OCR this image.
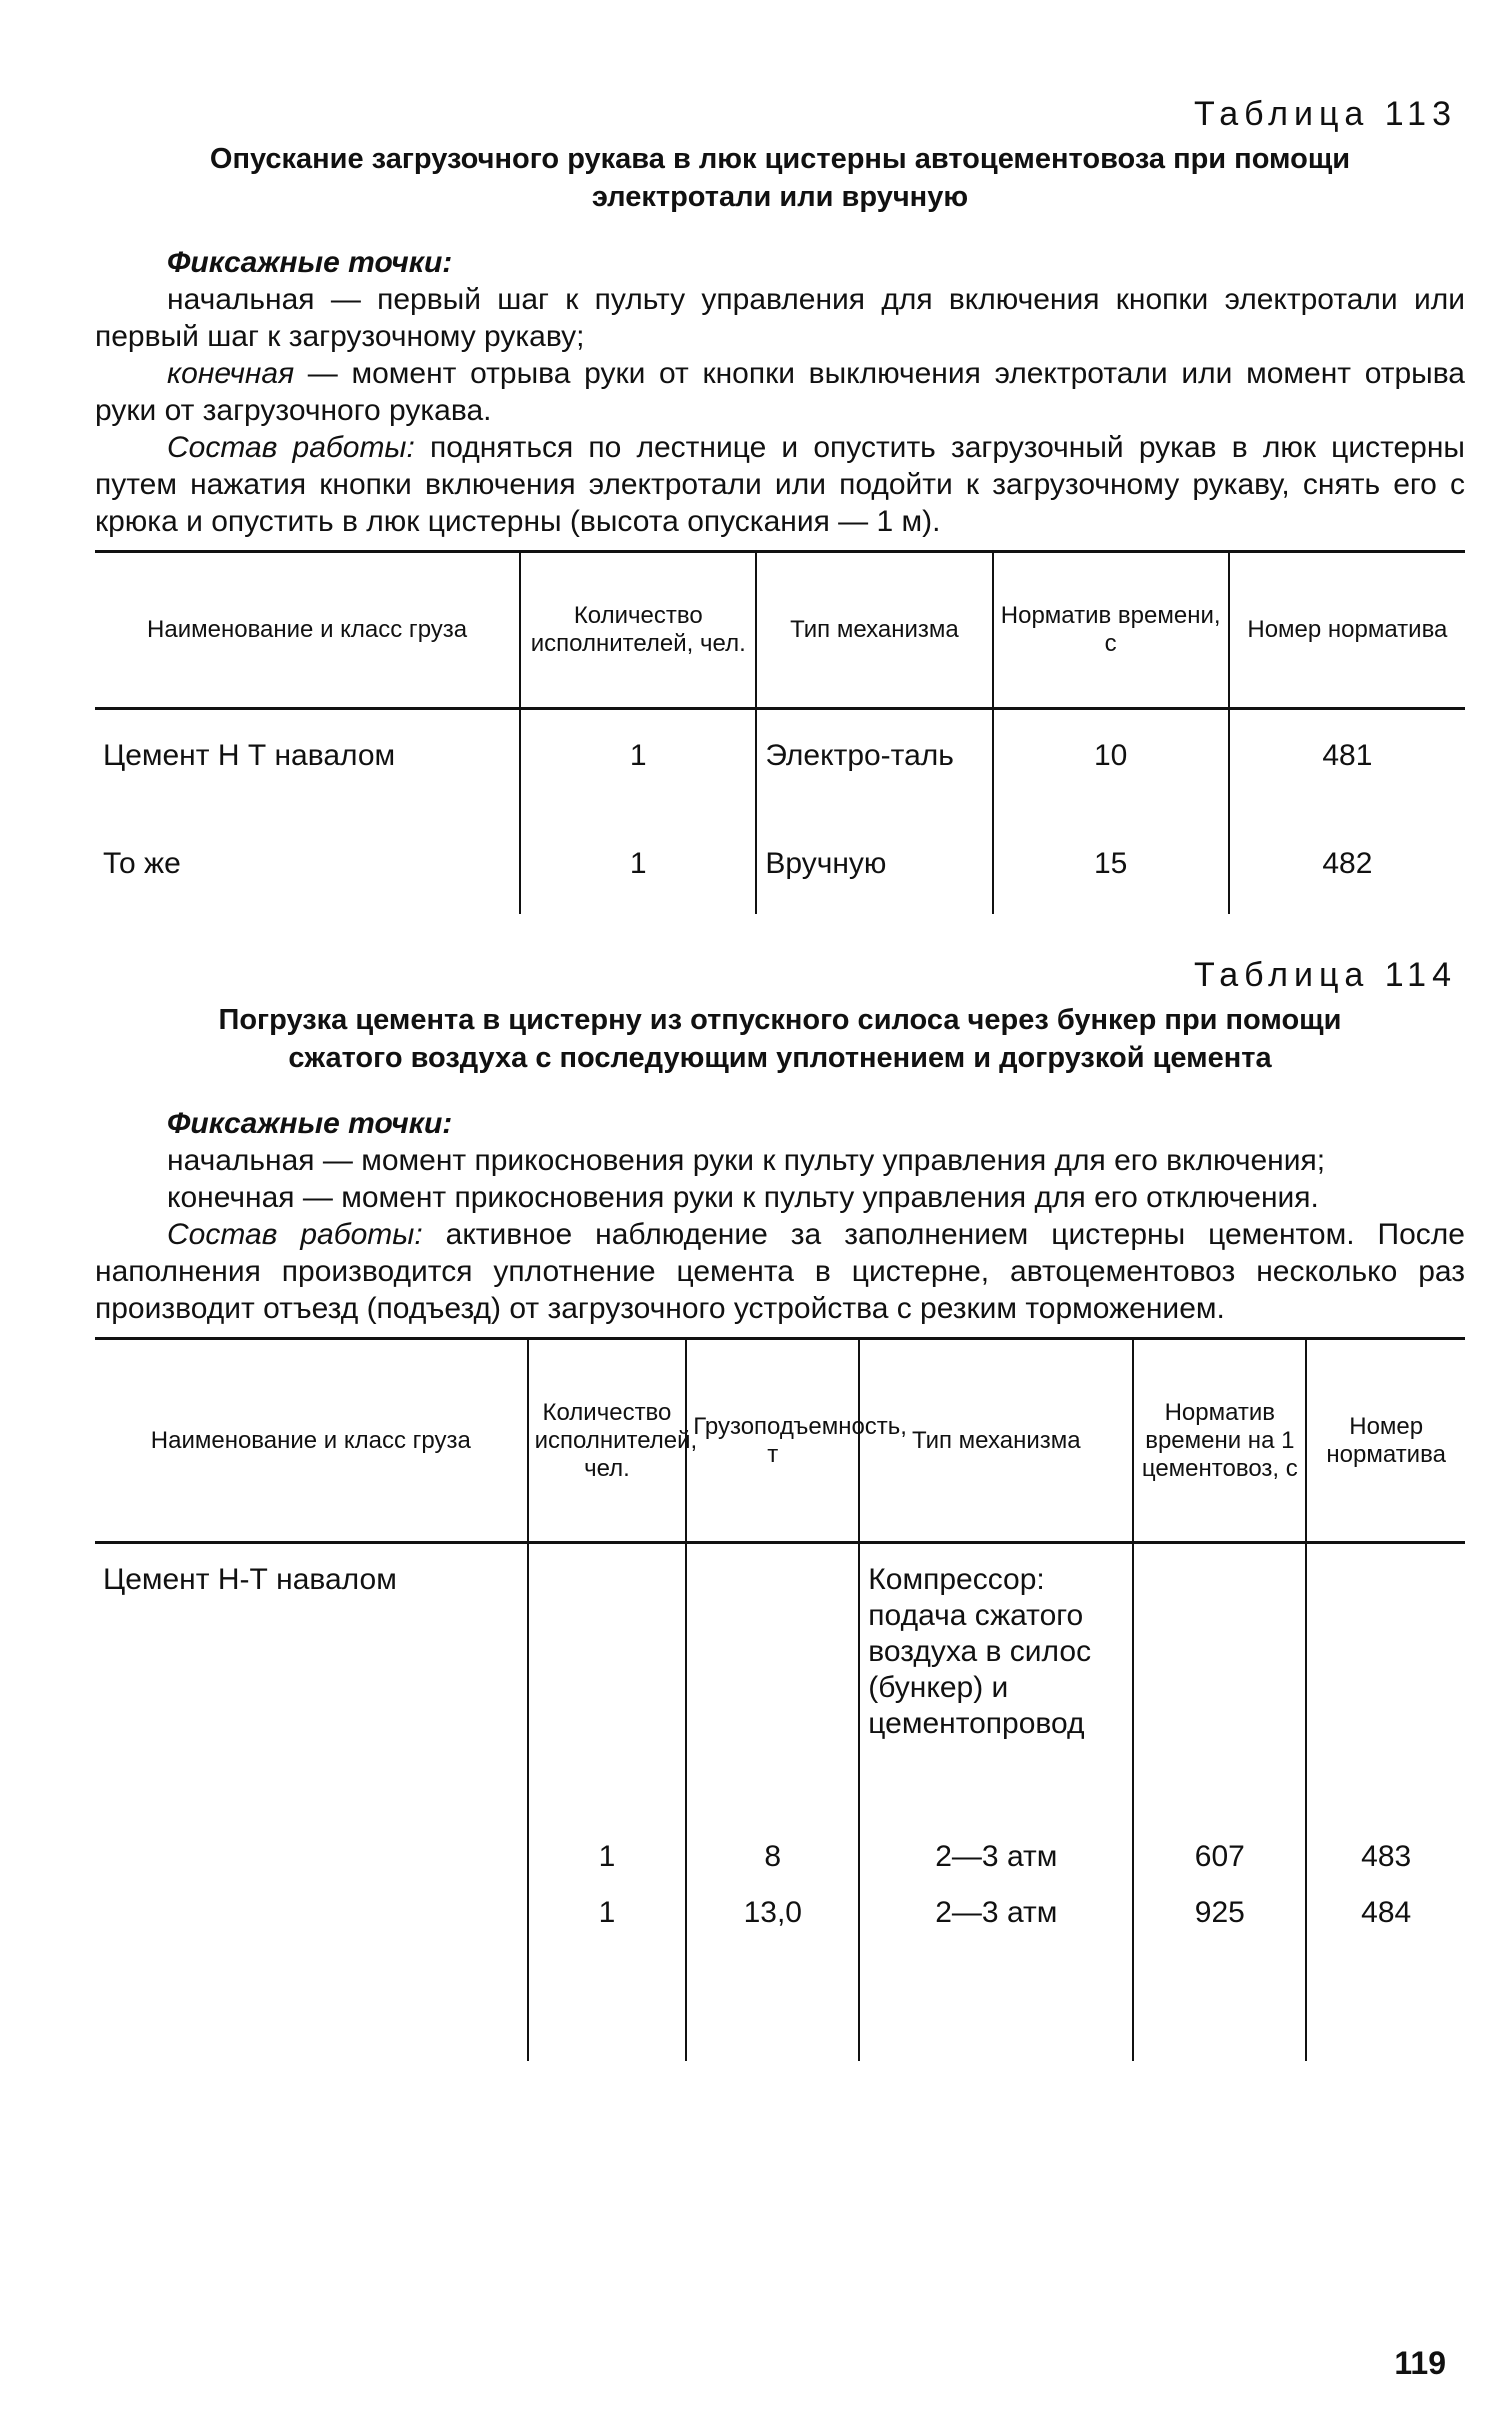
Таблица 113
Опускание загрузочного рукава в люк цистерны автоцементовоза при помощи электротали или вручную
Фиксажные точки:

начальная — первый шаг к пульту управления для включения кнопки электротали или первый шаг к загрузочному рукаву;

конечная — момент отрыва руки от кнопки выключения электротали или момент отрыва руки от загрузочного рукава.

Состав работы: подняться по лестнице и опустить загрузочный рукав в люк цистерны путем нажатия кнопки включения электротали или подойти к загрузочному рукаву, снять его с крюка и опустить в люк цистерны (высота опускания — 1 м).

Наименование и класс груза	Количество исполнителей, чел.	Тип механизма	Норматив времени, с	Номер норматива
Цемент Н Т навалом	1	Электро-таль	10	481
То же	1	Вручную	15	482
Таблица 114
Погрузка цемента в цистерну из отпускного силоса через бункер при помощи сжатого воздуха с последующим уплотнением и догрузкой цемента
Фиксажные точки:

начальная — момент прикосновения руки к пульту управления для его включения;

конечная — момент прикосновения руки к пульту управления для его отключения.

Состав работы: активное наблюдение за заполнением цистерны цементом. После наполнения производится уплотнение цемента в цистерне, автоцементовоз несколько раз производит отъезд (подъезд) от загрузочного устройства с резким торможением.

Наименование и класс груза	Количество исполнителей, чел.	Грузоподъемность, т	Тип механизма	Норматив времени на 1 цементовоз, с	Номер норматива
Цемент Н-Т навалом			Компрессор: подача сжатого воздуха в силос (бункер) и цементопровод		
	1	8	2—3 атм	607	483
	1	13,0	2—3 атм	925	484
119
